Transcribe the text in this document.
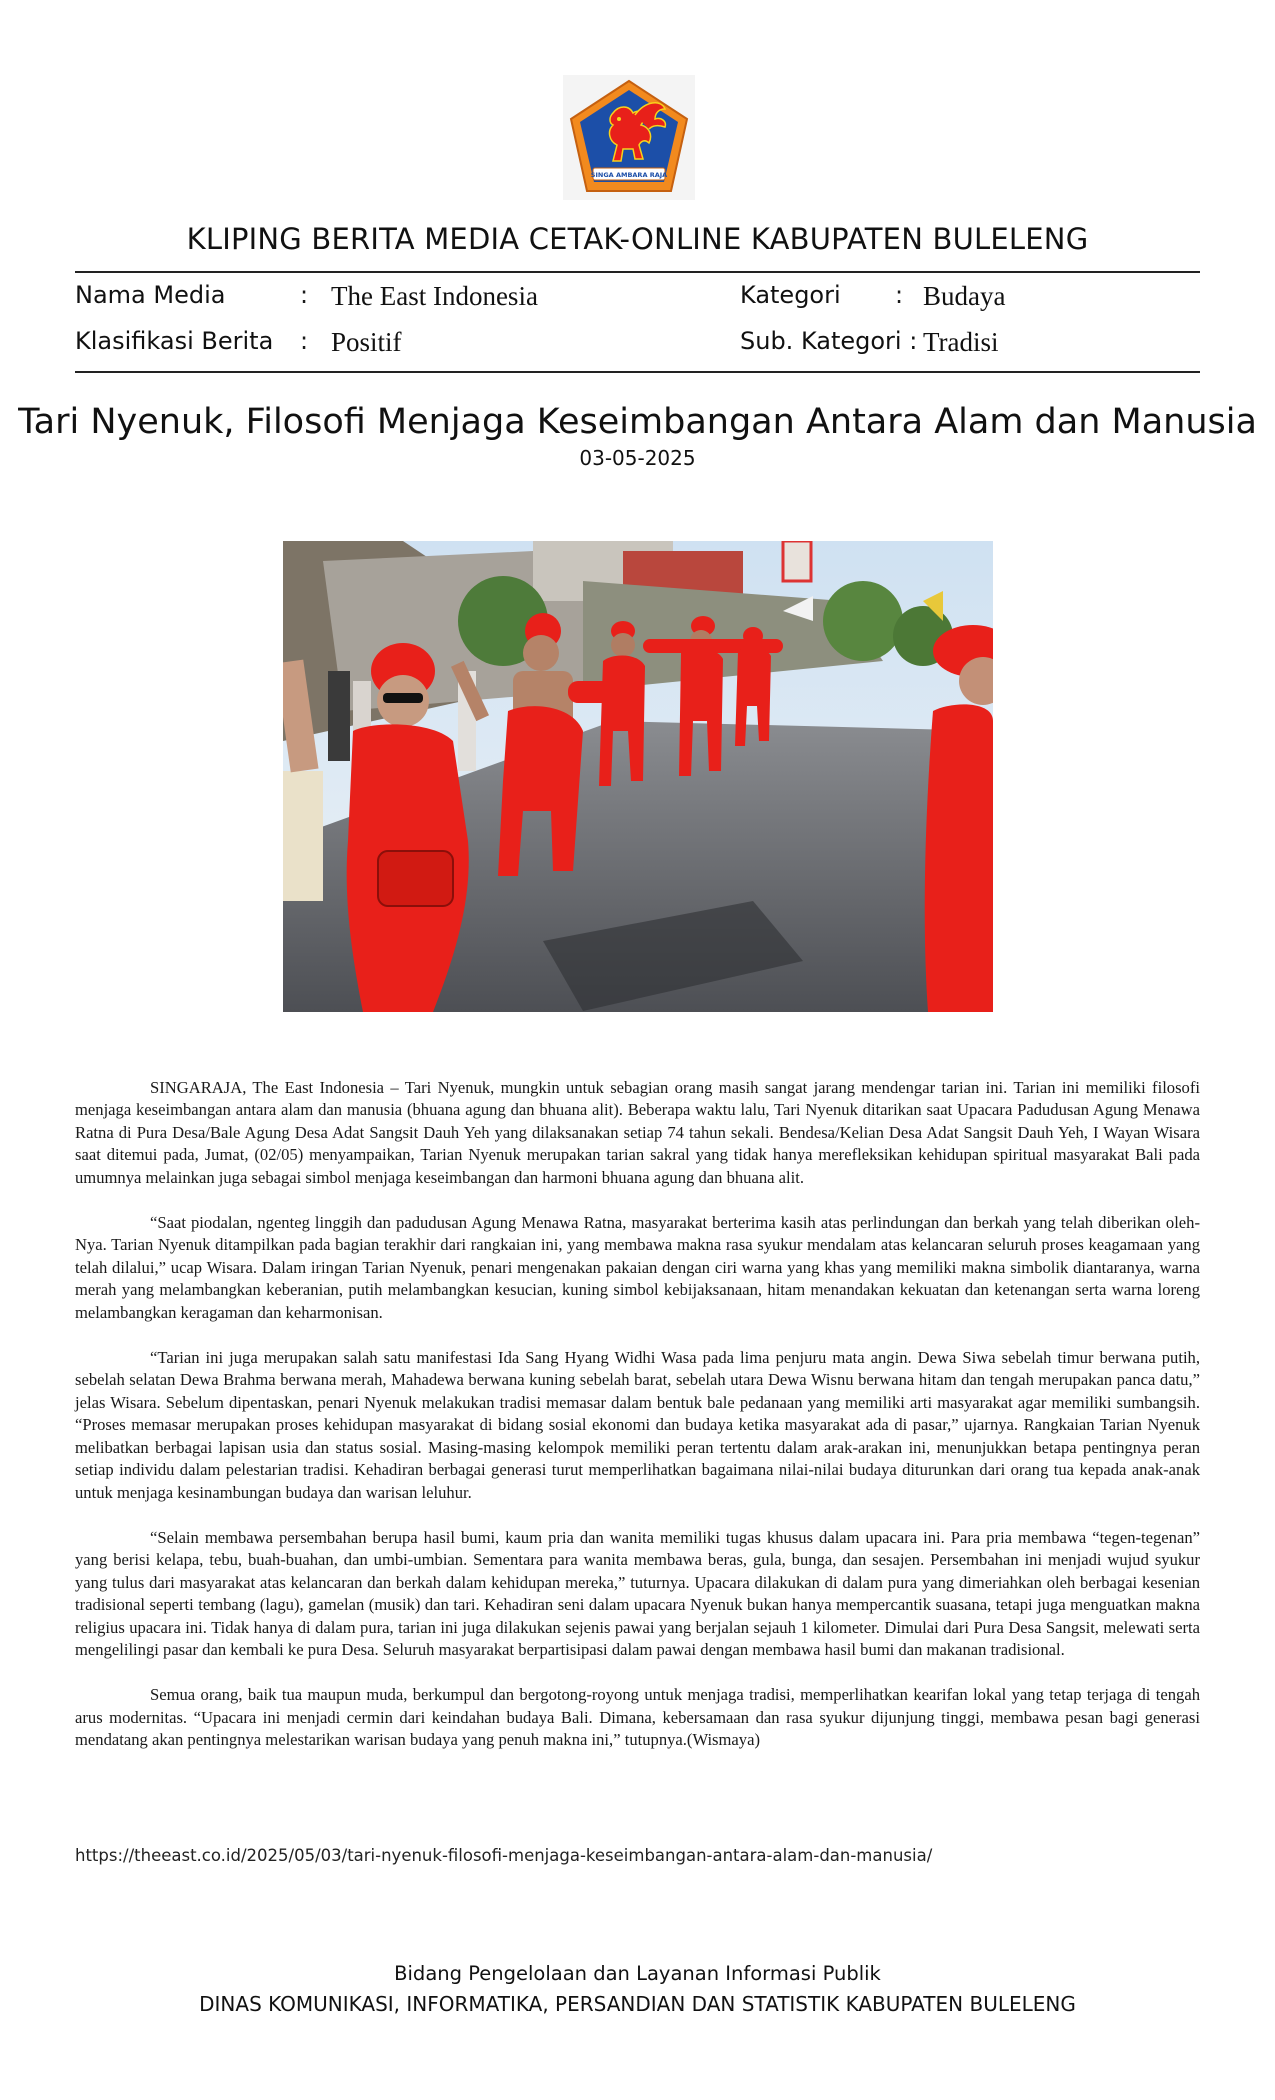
SINGA AMBARA RAJA
KLIPING BERITA MEDIA CETAK-ONLINE KABUPATEN BULELENG
Nama Media	: The East Indonesia	Kategori : Budaya
Klasifikasi Berita : Positif	Sub. Kategori : Tradisi
Tari Nyenuk, Filosofi Menjaga Keseimbangan Antara Alam dan Manusia
03-05-2025

SINGARAJA, The East Indonesia – Tari Nyenuk, mungkin untuk sebagian orang masih sangat jarang mendengar tarian ini. Tarian ini memiliki filosofi menjaga keseimbangan antara alam dan manusia (bhuana agung dan bhuana alit). Beberapa waktu lalu, Tari Nyenuk ditarikan saat Upacara Padudusan Agung Menawa Ratna di Pura Desa/Bale Agung Desa Adat Sangsit Dauh Yeh yang dilaksanakan setiap 74 tahun sekali. Bendesa/Kelian Desa Adat Sangsit Dauh Yeh, I Wayan Wisara saat ditemui pada, Jumat, (02/05) menyampaikan, Tarian Nyenuk merupakan tarian sakral yang tidak hanya merefleksikan kehidupan spiritual masyarakat Bali pada umumnya melainkan juga sebagai simbol menjaga keseimbangan dan harmoni bhuana agung dan bhuana alit.

“Saat piodalan, ngenteg linggih dan padudusan Agung Menawa Ratna, masyarakat berterima kasih atas perlindungan dan berkah yang telah diberikan oleh-Nya. Tarian Nyenuk ditampilkan pada bagian terakhir dari rangkaian ini, yang membawa makna rasa syukur mendalam atas kelancaran seluruh proses keagamaan yang telah dilalui,” ucap Wisara. Dalam iringan Tarian Nyenuk, penari mengenakan pakaian dengan ciri warna yang khas yang memiliki makna simbolik diantaranya, warna merah yang melambangkan keberanian, putih melambangkan kesucian, kuning simbol kebijaksanaan, hitam menandakan kekuatan dan ketenangan serta warna loreng melambangkan keragaman dan keharmonisan.

“Tarian ini juga merupakan salah satu manifestasi Ida Sang Hyang Widhi Wasa pada lima penjuru mata angin. Dewa Siwa sebelah timur berwana putih, sebelah selatan Dewa Brahma berwana merah, Mahadewa berwana kuning sebelah barat, sebelah utara Dewa Wisnu berwana hitam dan tengah merupakan panca datu,” jelas Wisara. Sebelum dipentaskan, penari Nyenuk melakukan tradisi memasar dalam bentuk bale pedanaan yang memiliki arti masyarakat agar memiliki sumbangsih. “Proses memasar merupakan proses kehidupan masyarakat di bidang sosial ekonomi dan budaya ketika masyarakat ada di pasar,” ujarnya. Rangkaian Tarian Nyenuk melibatkan berbagai lapisan usia dan status sosial. Masing-masing kelompok memiliki peran tertentu dalam arak-arakan ini, menunjukkan betapa pentingnya peran setiap individu dalam pelestarian tradisi. Kehadiran berbagai generasi turut memperlihatkan bagaimana nilai-nilai budaya diturunkan dari orang tua kepada anak-anak untuk menjaga kesinambungan budaya dan warisan leluhur.

“Selain membawa persembahan berupa hasil bumi, kaum pria dan wanita memiliki tugas khusus dalam upacara ini. Para pria membawa “tegen-tegenan” yang berisi kelapa, tebu, buah-buahan, dan umbi-umbian. Sementara para wanita membawa beras, gula, bunga, dan sesajen. Persembahan ini menjadi wujud syukur yang tulus dari masyarakat atas kelancaran dan berkah dalam kehidupan mereka,” tuturnya. Upacara dilakukan di dalam pura yang dimeriahkan oleh berbagai kesenian tradisional seperti tembang (lagu), gamelan (musik) dan tari. Kehadiran seni dalam upacara Nyenuk bukan hanya mempercantik suasana, tetapi juga menguatkan makna religius upacara ini. Tidak hanya di dalam pura, tarian ini juga dilakukan sejenis pawai yang berjalan sejauh 1 kilometer. Dimulai dari Pura Desa Sangsit, melewati serta mengelilingi pasar dan kembali ke pura Desa. Seluruh masyarakat berpartisipasi dalam pawai dengan membawa hasil bumi dan makanan tradisional.

Semua orang, baik tua maupun muda, berkumpul dan bergotong-royong untuk menjaga tradisi, memperlihatkan kearifan lokal yang tetap terjaga di tengah arus modernitas. “Upacara ini menjadi cermin dari keindahan budaya Bali. Dimana, kebersamaan dan rasa syukur dijunjung tinggi, membawa pesan bagi generasi mendatang akan pentingnya melestarikan warisan budaya yang penuh makna ini,” tutupnya.(Wismaya)

https://theeast.co.id/2025/05/03/tari-nyenuk-filosofi-menjaga-keseimbangan-antara-alam-dan-manusia/
Bidang Pengelolaan dan Layanan Informasi Publik
DINAS KOMUNIKASI, INFORMATIKA, PERSANDIAN DAN STATISTIK KABUPATEN BULELENG
